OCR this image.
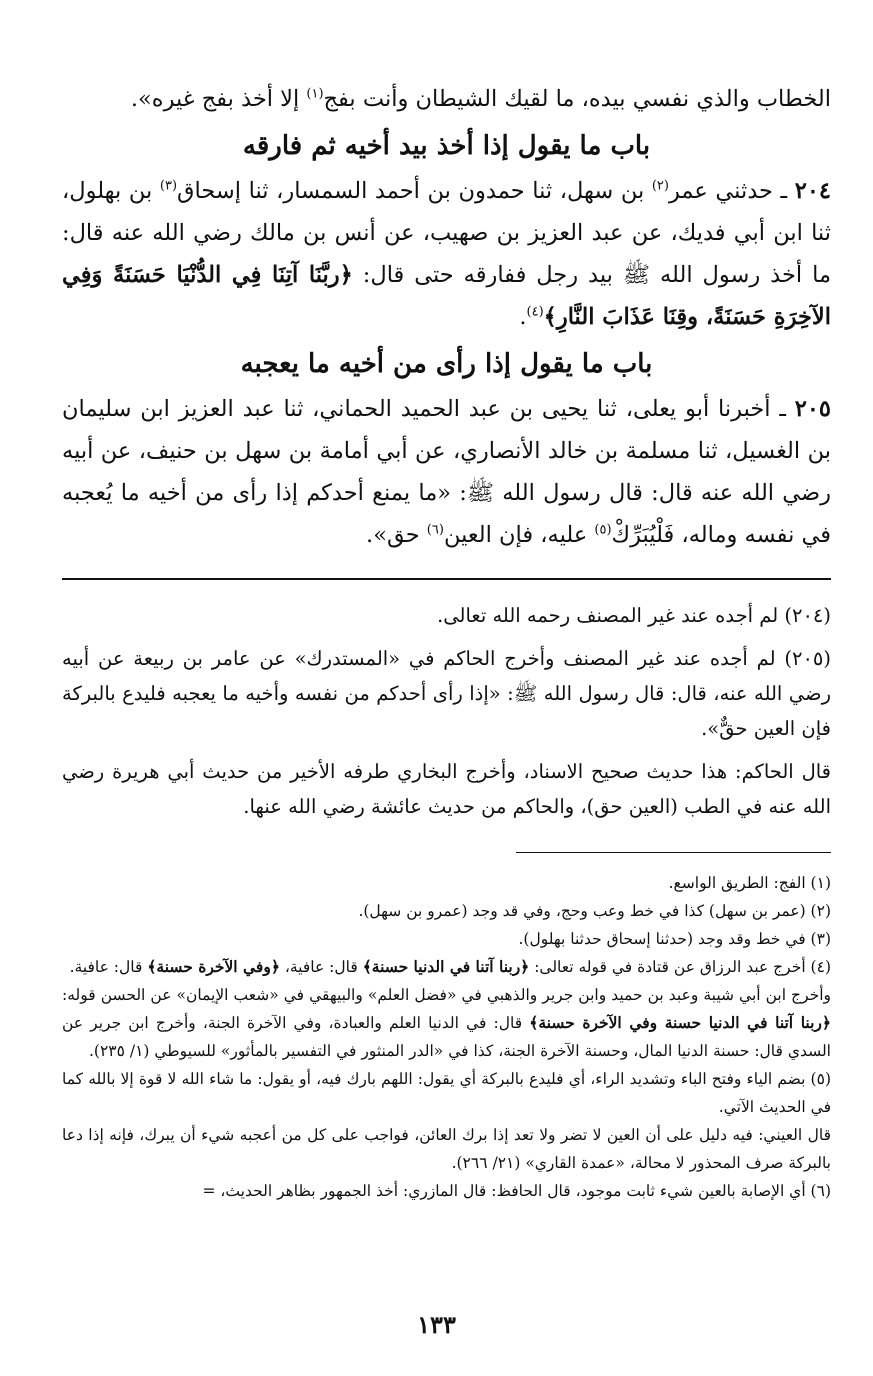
الخطاب والذي نفسي بيده، ما لقيك الشيطان وأنت بفج$^{(١)}$ إلا أخذ بفج غيره».

باب ما يقول إذا أخذ بيد أخيه ثم فارقه

٢٠٤ ـ حدثني عمر$^{(٢)}$ بن سهل، ثنا حمدون بن أحمد السمسار، ثنا إسحاق$^{(٣)}$ بن بهلول، ثنا ابن أبي فديك، عن عبد العزيز بن صهيب، عن أنس بن مالك رضي الله عنه قال: ما أخذ رسول الله ﷺ بيد رجل ففارقه حتى قال: ﴿ربَّنَا آتِنَا فِي الدُّنْيَا حَسَنَةً وَفِي الآخِرَةِ حَسَنَةً، وقِنَا عَذَابَ النَّارِ﴾$^{(٤)}$.

باب ما يقول إذا رأى من أخيه ما يعجبه

٢٠٥ ـ أخبرنا أبو يعلى، ثنا يحيى بن عبد الحميد الحماني، ثنا عبد العزيز ابن سليمان بن الغسيل، ثنا مسلمة بن خالد الأنصاري، عن أبي أمامة بن سهل بن حنيف، عن أبيه رضي الله عنه قال: قال رسول الله ﷺ: «ما يمنع أحدكم إذا رأى من أخيه ما يُعجبه في نفسه وماله، فَلْيُبَرِّكْ$^{(٥)}$ عليه، فإن العين$^{(٦)}$ حق».

(٢٠٤) لم أجده عند غير المصنف رحمه الله تعالى.

(٢٠٥) لم أجده عند غير المصنف وأخرج الحاكم في «المستدرك» عن عامر بن ربيعة عن أبيه رضي الله عنه، قال: قال رسول الله ﷺ: «إذا رأى أحدكم من نفسه وأخيه ما يعجبه فليدع بالبركة فإن العين حقٌّ».

قال الحاكم: هذا حديث صحيح الاسناد، وأخرج البخاري طرفه الأخير من حديث أبي هريرة رضي الله عنه في الطب (العين حق)، والحاكم من حديث عائشة رضي الله عنها.

(١) الفج: الطريق الواسع.

(٢) (عمر بن سهل) كذا في خط وعب وحج، وفي قد وجد (عمرو بن سهل).

(٣) في خط وقد وجد (حدثنا إسحاق حدثنا بهلول).

(٤) أخرج عبد الرزاق عن قتادة في قوله تعالى: ﴿ربنا آتنا في الدنيا حسنة﴾ قال: عافية، ﴿وفي الآخرة حسنة﴾ قال: عافية.

وأخرج ابن أبي شيبة وعبد بن حميد وابن جرير والذهبي في «فضل العلم» والبيهقي في «شعب الإيمان» عن الحسن قوله: ﴿ربنا آتنا في الدنيا حسنة وفي الآخرة حسنة﴾ قال: في الدنيا العلم والعبادة، وفي الآخرة الجنة، وأخرج ابن جرير عن السدي قال: حسنة الدنيا المال، وحسنة الآخرة الجنة، كذا في «الدر المنثور في التفسير بالمأثور» للسيوطي (١/ ٢٣٥).

(٥) بضم الياء وفتح الباء وتشديد الراء، أي فليدع بالبركة أي يقول: اللهم بارك فيه، أو يقول: ما شاء الله لا قوة إلا بالله كما في الحديث الآتي.

قال العيني: فيه دليل على أن العين لا تضر ولا تعد إذا برك العائن، فواجب على كل من أعجبه شيء أن يبرك، فإنه إذا دعا بالبركة صرف المحذور لا محالة، «عمدة القاري» (٢١/ ٢٦٦).

(٦) أي الإصابة بالعين شيء ثابت موجود، قال الحافظ: قال المازري: أخذ الجمهور بظاهر الحديث، =

١٣٣
